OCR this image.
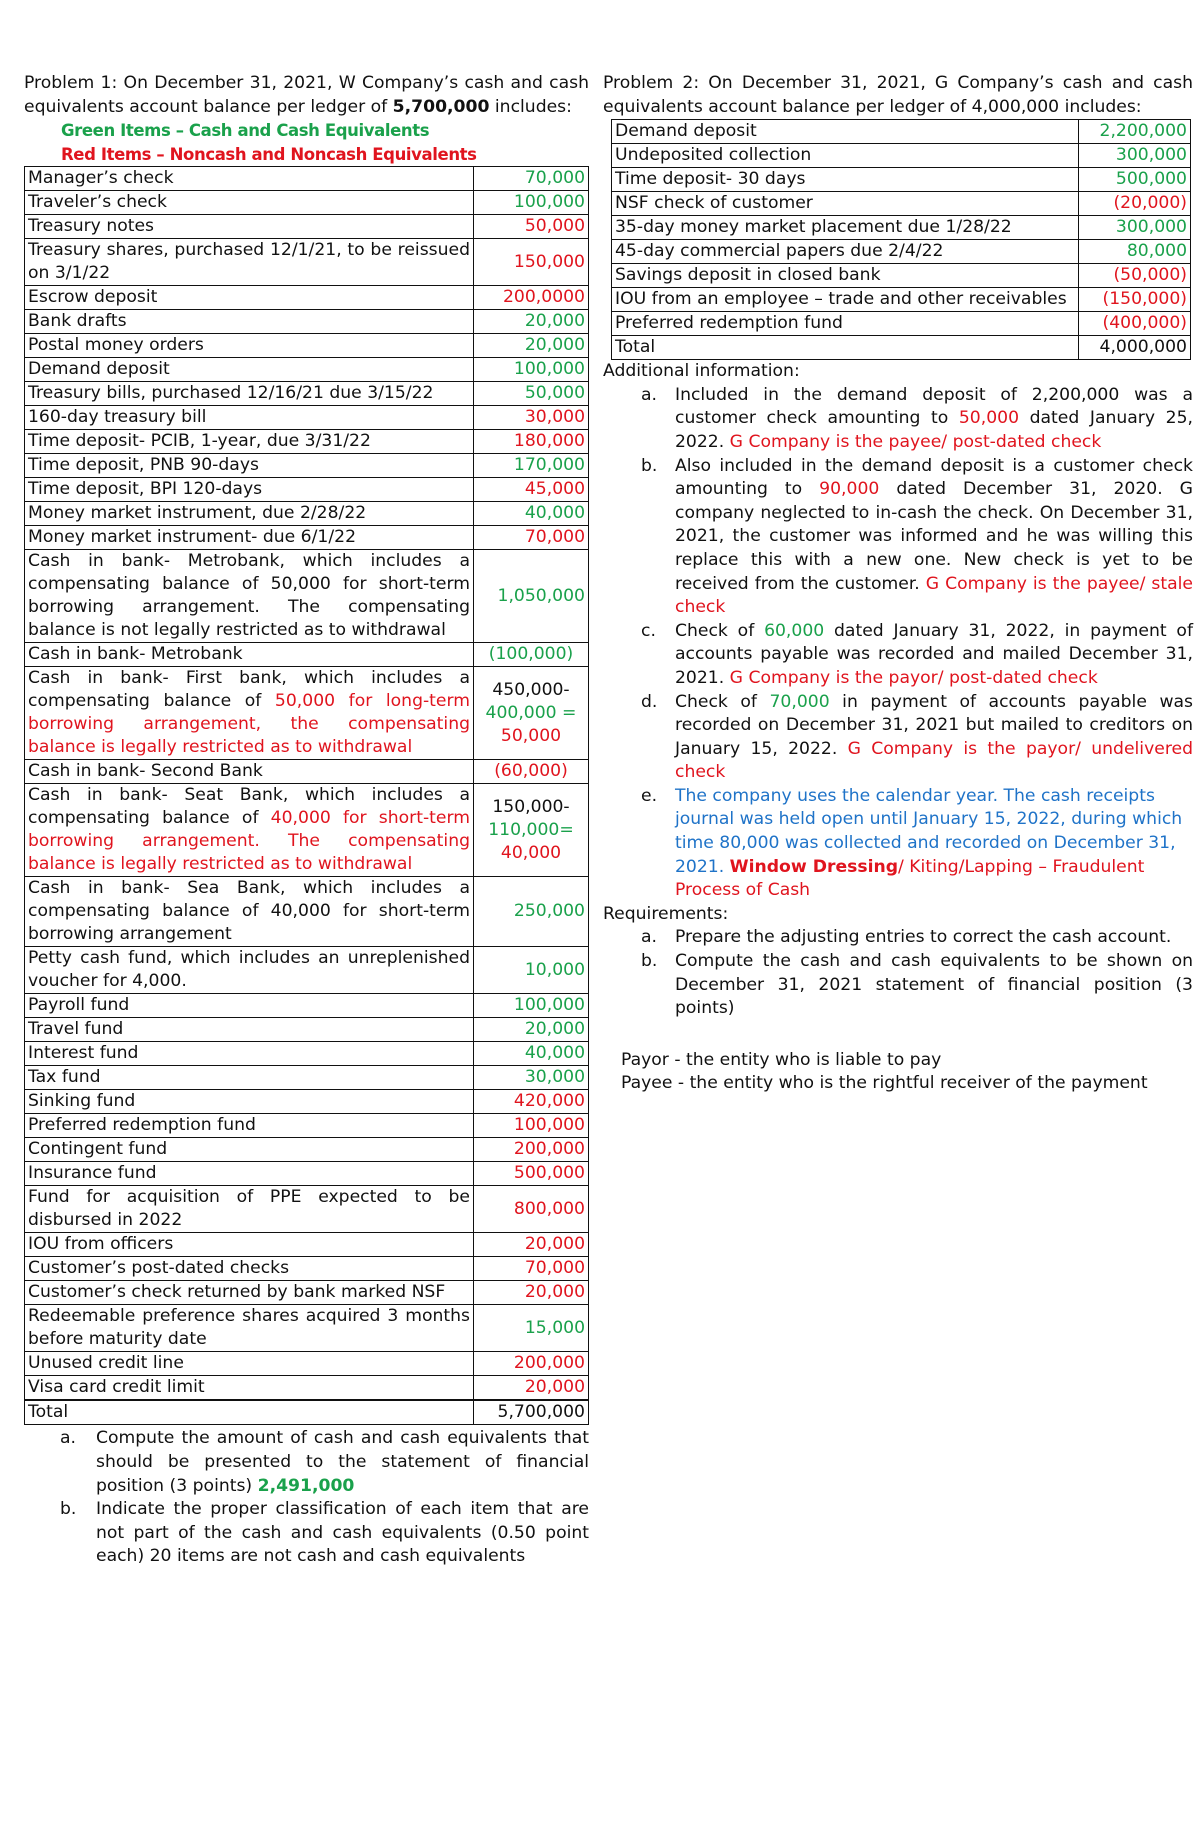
Problem 1: On December 31, 2021, W Company’s cash and cash equivalents account balance per ledger of 5,700,000 includes:
Green Items – Cash and Cash Equivalents
Red Items – Noncash and Noncash Equivalents
Manager’s check	70,000
Traveler’s check	100,000
Treasury notes	50,000
Treasury shares, purchased 12/1/21, to be reissued on 3/1/22	150,000
Escrow deposit	200,0000
Bank drafts	20,000
Postal money orders	20,000
Demand deposit	100,000
Treasury bills, purchased 12/16/21 due 3/15/22	50,000
160-day treasury bill	30,000
Time deposit- PCIB, 1-year, due 3/31/22	180,000
Time deposit, PNB 90-days	170,000
Time deposit, BPI 120-days	45,000
Money market instrument, due 2/28/22	40,000
Money market instrument- due 6/1/22	70,000
Cash in bank- Metrobank, which includes a compensating balance of 50,000 for short-term borrowing arrangement. The compensating balance is not legally restricted as to withdrawal	1,050,000
Cash in bank- Metrobank	(100,000)
Cash in bank- First bank, which includes a compensating balance of 50,000 for long-term borrowing arrangement, the compensating balance is legally restricted as to withdrawal	450,000-
400,000 =
50,000

Cash in bank- Second Bank	(60,000)
Cash in bank- Seat Bank, which includes a compensating balance of 40,000 for short-term borrowing arrangement. The compensating balance is legally restricted as to withdrawal	150,000-
110,000=
40,000

Cash in bank- Sea Bank, which includes a compensating balance of 40,000 for short-term borrowing arrangement	250,000
Petty cash fund, which includes an unreplenished voucher for 4,000.	10,000
Payroll fund	100,000
Travel fund	20,000
Interest fund	40,000
Tax fund	30,000
Sinking fund	420,000
Preferred redemption fund	100,000
Contingent fund	200,000
Insurance fund	500,000
Fund for acquisition of PPE expected to be disbursed in 2022	800,000
IOU from officers	20,000
Customer’s post-dated checks	70,000
Customer’s check returned by bank marked NSF	20,000
Redeemable preference shares acquired 3 months before maturity date	15,000
Unused credit line	200,000
Visa card credit limit	20,000
Total	5,700,000
a. Compute the amount of cash and cash equivalents that should be presented to the statement of financial position (3 points) 2,491,000
b. Indicate the proper classification of each item that are not part of the cash and cash equivalents (0.50 point each) 20 items are not cash and cash equivalents
Problem 2: On December 31, 2021, G Company’s cash and cash equivalents account balance per ledger of 4,000,000 includes:
Demand deposit	2,200,000
Undeposited collection	300,000
Time deposit- 30 days	500,000
NSF check of customer	(20,000)
35-day money market placement due 1/28/22	300,000
45-day commercial papers due 2/4/22	80,000
Savings deposit in closed bank	(50,000)
IOU from an employee – trade and other receivables	(150,000)
Preferred redemption fund	(400,000)
Total	4,000,000
Additional information:
a. Included in the demand deposit of 2,200,000 was a customer check amounting to 50,000 dated January 25, 2022. G Company is the payee/ post-dated check
b. Also included in the demand deposit is a customer check amounting to 90,000 dated December 31, 2020. G company neglected to in-cash the check. On December 31, 2021, the customer was informed and he was willing this replace this with a new one. New check is yet to be received from the customer. G Company is the payee/ stale check
c. Check of 60,000 dated January 31, 2022, in payment of accounts payable was recorded and mailed December 31, 2021. G Company is the payor/ post-dated check
d. Check of 70,000 in payment of accounts payable was recorded on December 31, 2021 but mailed to creditors on January 15, 2022. G Company is the payor/ undelivered check
e. The company uses the calendar year. The cash receipts journal was held open until January 15, 2022, during which time 80,000 was collected and recorded on December 31, 2021. Window Dressing/ Kiting/Lapping – Fraudulent Process of Cash
Requirements:
a. Prepare the adjusting entries to correct the cash account.
b. Compute the cash and cash equivalents to be shown on December 31, 2021 statement of financial position (3 points)
Payor - the entity who is liable to pay
Payee - the entity who is the rightful receiver of the payment
